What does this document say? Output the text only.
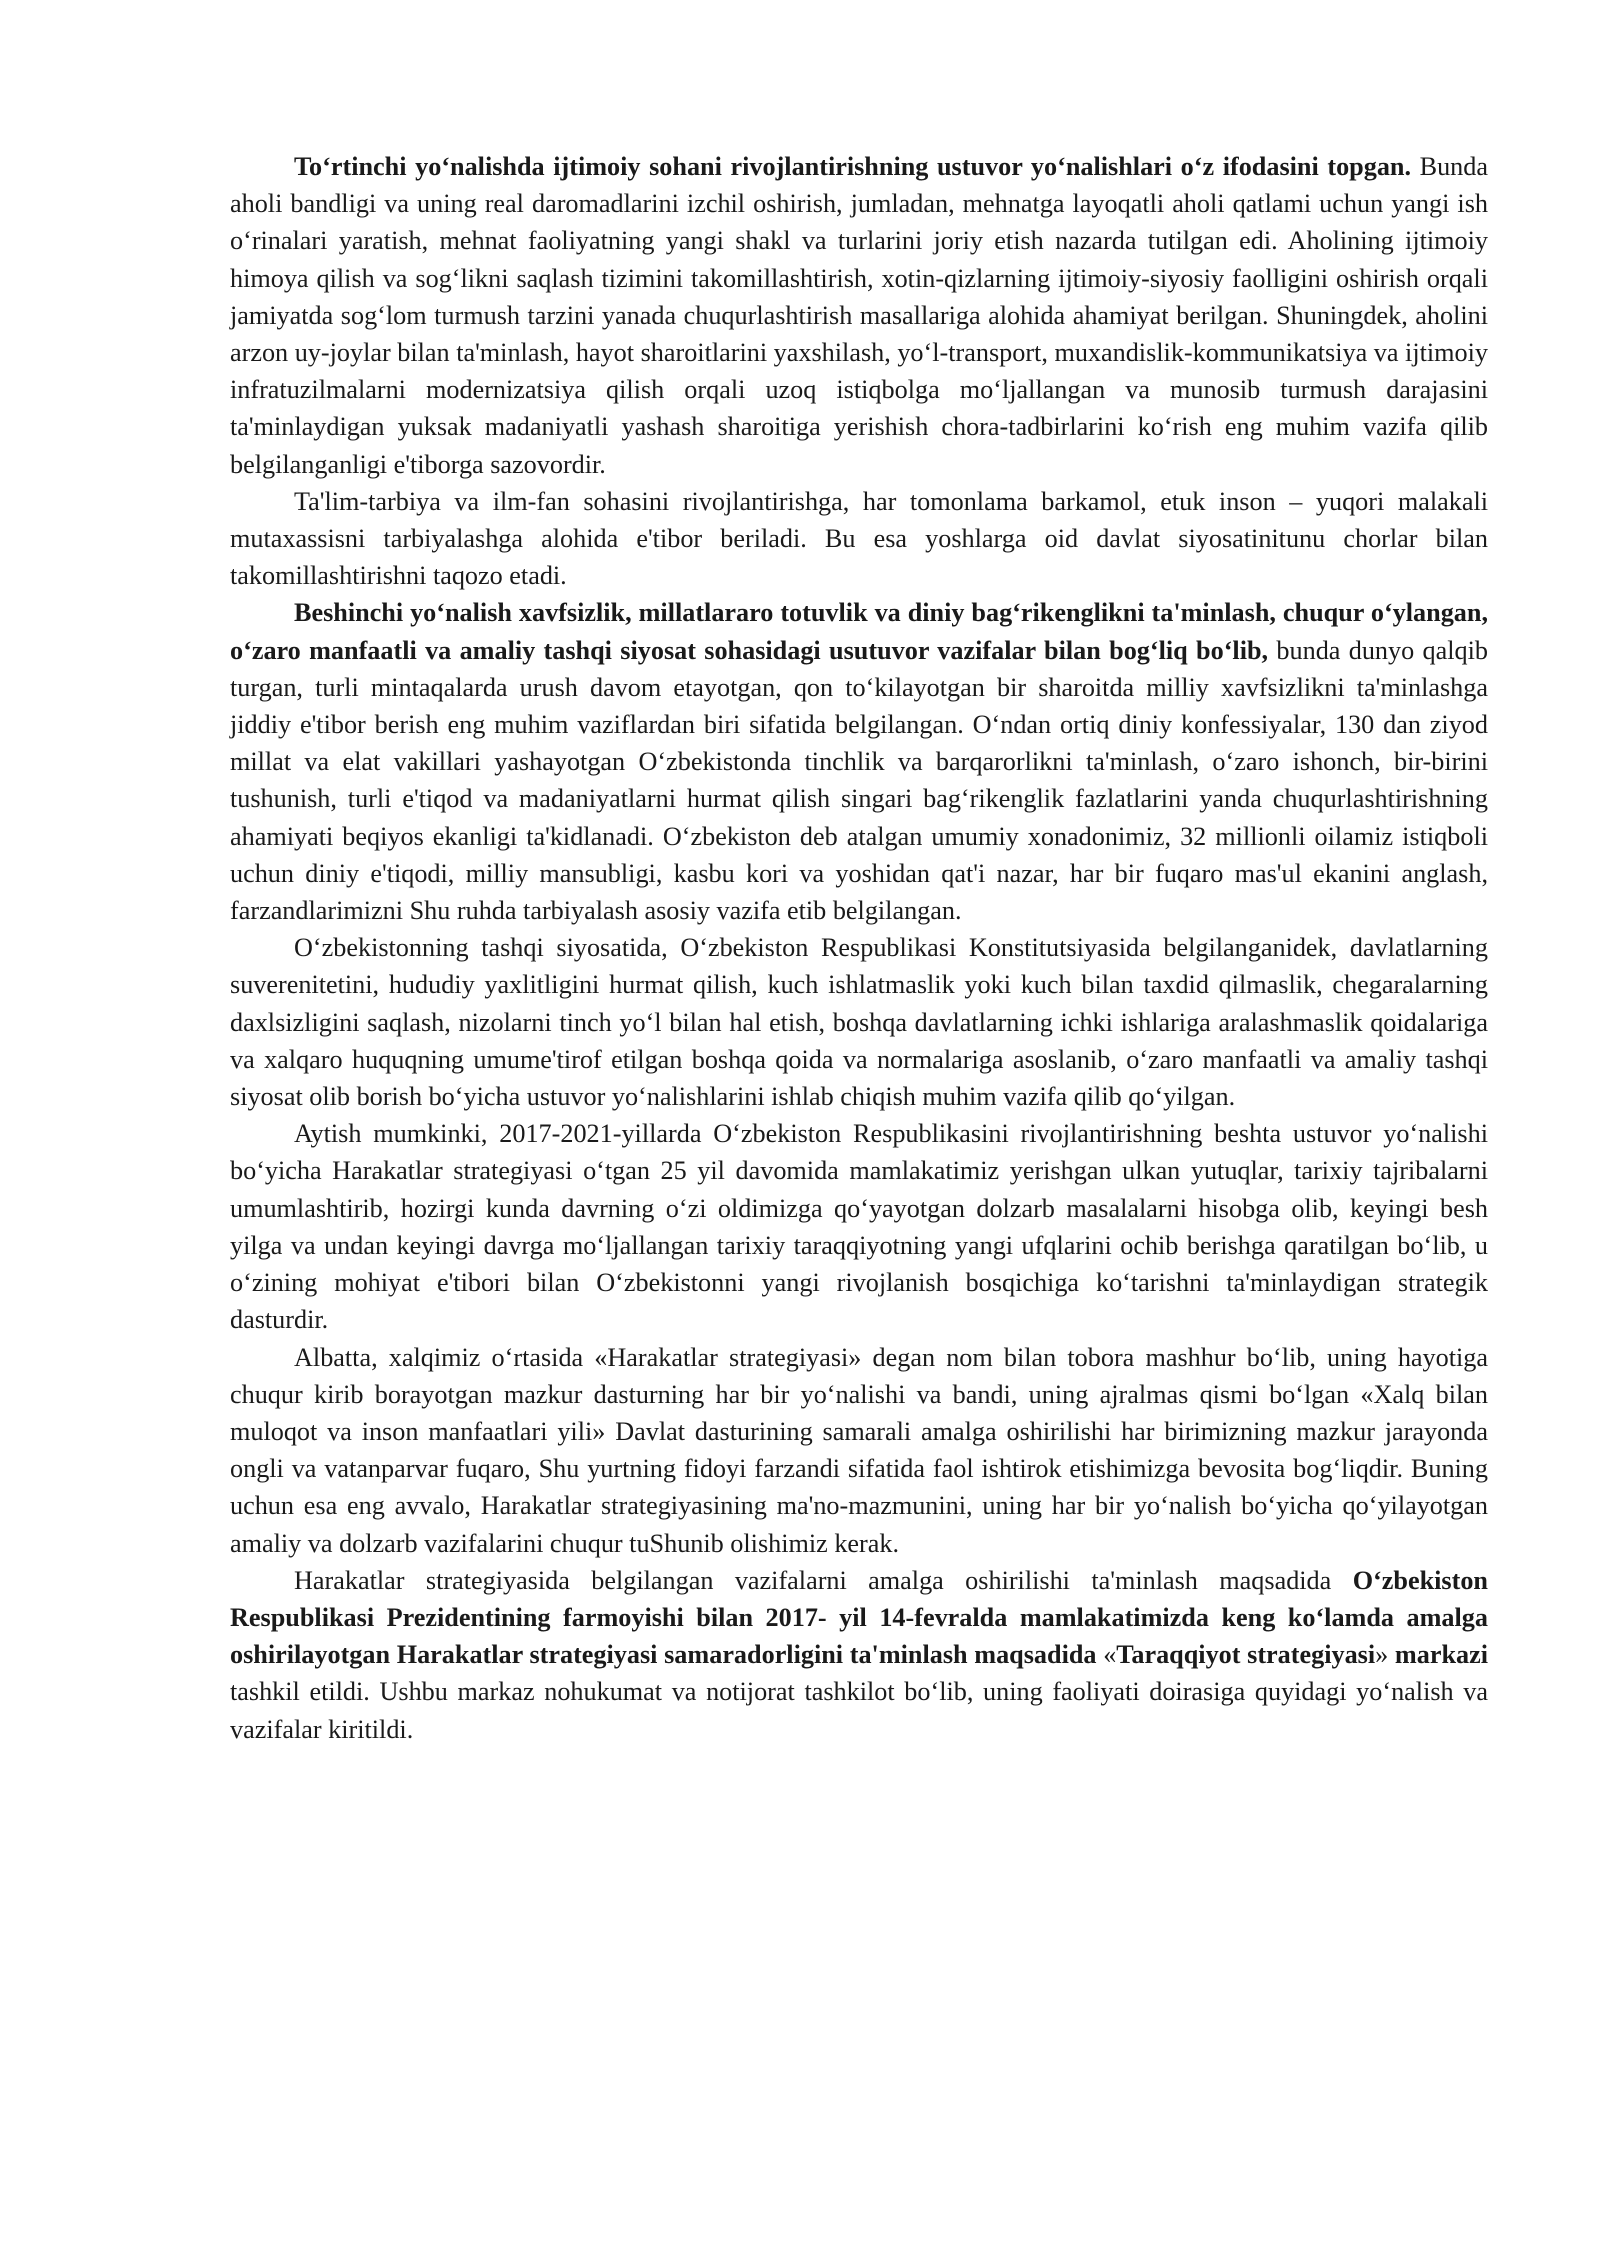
To‘rtinchi yo‘nalishda ijtimoiy sohani rivojlantirishning ustuvor yo‘nalishlari o‘z ifodasini topgan. Bunda aholi bandligi va uning real daromadlarini izchil oshirish, jumladan, mehnatga layoqatli aholi qatlami uchun yangi ish o‘rinalari yaratish, mehnat faoliyatning yangi shakl va turlarini joriy etish nazarda tutilgan edi. Aholining ijtimoiy himoya qilish va sog‘likni saqlash tizimini takomillashtirish, xotin-qizlarning ijtimoiy-siyosiy faolligini oshirish orqali jamiyatda sog‘lom turmush tarzini yanada chuqurlashtirish masallariga alohida ahamiyat berilgan. Shuningdek, aholini arzon uy-joylar bilan ta'minlash, hayot sharoitlarini yaxshilash, yo‘l-transport, muxandislik-kommunikatsiya va ijtimoiy infratuzilmalarni modernizatsiya qilish orqali uzoq istiqbolga mo‘ljallangan va munosib turmush darajasini ta'minlaydigan yuksak madaniyatli yashash sharoitiga yerishish chora-tadbirlarini ko‘rish eng muhim vazifa qilib belgilanganligi e'tiborga sazovordir.

Ta'lim-tarbiya va ilm-fan sohasini rivojlantirishga, har tomonlama barkamol, etuk inson – yuqori malakali mutaxassisni tarbiyalashga alohida e'tibor beriladi. Bu esa yoshlarga oid davlat siyosatinitunu chorlar bilan takomillashtirishni taqozo etadi.

Beshinchi yo‘nalish xavfsizlik, millatlararo totuvlik va diniy bag‘rikenglikni ta'minlash, chuqur o‘ylangan, o‘zaro manfaatli va amaliy tashqi siyosat sohasidagi usutuvor vazifalar bilan bog‘liq bo‘lib, bunda dunyo qalqib turgan, turli mintaqalarda urush davom etayotgan, qon to‘kilayotgan bir sharoitda milliy xavfsizlikni ta'minlashga jiddiy e'tibor berish eng muhim vaziflardan biri sifatida belgilangan. O‘ndan ortiq diniy konfessiyalar, 130 dan ziyod millat va elat vakillari yashayotgan O‘zbekistonda tinchlik va barqarorlikni ta'minlash, o‘zaro ishonch, bir-birini tushunish, turli e'tiqod va madaniyatlarni hurmat qilish singari bag‘rikenglik fazlatlarini yanda chuqurlashtirishning ahamiyati beqiyos ekanligi ta'kidlanadi. O‘zbekiston deb atalgan umumiy xonadonimiz, 32 millionli oilamiz istiqboli uchun diniy e'tiqodi, milliy mansubligi, kasbu kori va yoshidan qat'i nazar, har bir fuqaro mas'ul ekanini anglash, farzandlarimizni Shu ruhda tarbiyalash asosiy vazifa etib belgilangan.

O‘zbekistonning tashqi siyosatida, O‘zbekiston Respublikasi Konstitutsiyasida belgilanganidek, davlatlarning suverenitetini, hududiy yaxlitligini hurmat qilish, kuch ishlatmaslik yoki kuch bilan taxdid qilmaslik, chegaralarning daxlsizligini saqlash, nizolarni tinch yo‘l bilan hal etish, boshqa davlatlarning ichki ishlariga aralashmaslik qoidalariga va xalqaro huquqning umume'tirof etilgan boshqa qoida va normalariga asoslanib, o‘zaro manfaatli va amaliy tashqi siyosat olib borish bo‘yicha ustuvor yo‘nalishlarini ishlab chiqish muhim vazifa qilib qo‘yilgan.

Aytish mumkinki, 2017-2021-yillarda O‘zbekiston Respublikasini rivojlantirishning beshta ustuvor yo‘nalishi bo‘yicha Harakatlar strategiyasi o‘tgan 25 yil davomida mamlakatimiz yerishgan ulkan yutuqlar, tarixiy tajribalarni umumlashtirib, hozirgi kunda davrning o‘zi oldimizga qo‘yayotgan dolzarb masalalarni hisobga olib, keyingi besh yilga va undan keyingi davrga mo‘ljallangan tarixiy taraqqiyotning yangi ufqlarini ochib berishga qaratilgan bo‘lib, u o‘zining mohiyat e'tibori bilan O‘zbekistonni yangi rivojlanish bosqichiga ko‘tarishni ta'minlaydigan strategik dasturdir.

Albatta, xalqimiz o‘rtasida «Harakatlar strategiyasi» degan nom bilan tobora mashhur bo‘lib, uning hayotiga chuqur kirib borayotgan mazkur dasturning har bir yo‘nalishi va bandi, uning ajralmas qismi bo‘lgan «Xalq bilan muloqot va inson manfaatlari yili» Davlat dasturining samarali amalga oshirilishi har birimizning mazkur jarayonda ongli va vatanparvar fuqaro, Shu yurtning fidoyi farzandi sifatida faol ishtirok etishimizga bevosita bog‘liqdir. Buning uchun esa eng avvalo, Harakatlar strategiyasining ma'no-mazmunini, uning har bir yo‘nalish bo‘yicha qo‘yilayotgan amaliy va dolzarb vazifalarini chuqur tuShunib olishimiz kerak.

Harakatlar strategiyasida belgilangan vazifalarni amalga oshirilishi ta'minlash maqsadida O‘zbekiston Respublikasi Prezidentining farmoyishi bilan 2017- yil 14-fevralda mamlakatimizda keng ko‘lamda amalga oshirilayotgan Harakatlar strategiyasi samaradorligini ta'minlash maqsadida «Taraqqiyot strategiyasi» markazi tashkil etildi. Ushbu markaz nohukumat va notijorat tashkilot bo‘lib, uning faoliyati doirasiga quyidagi yo‘nalish va vazifalar kiritildi.
